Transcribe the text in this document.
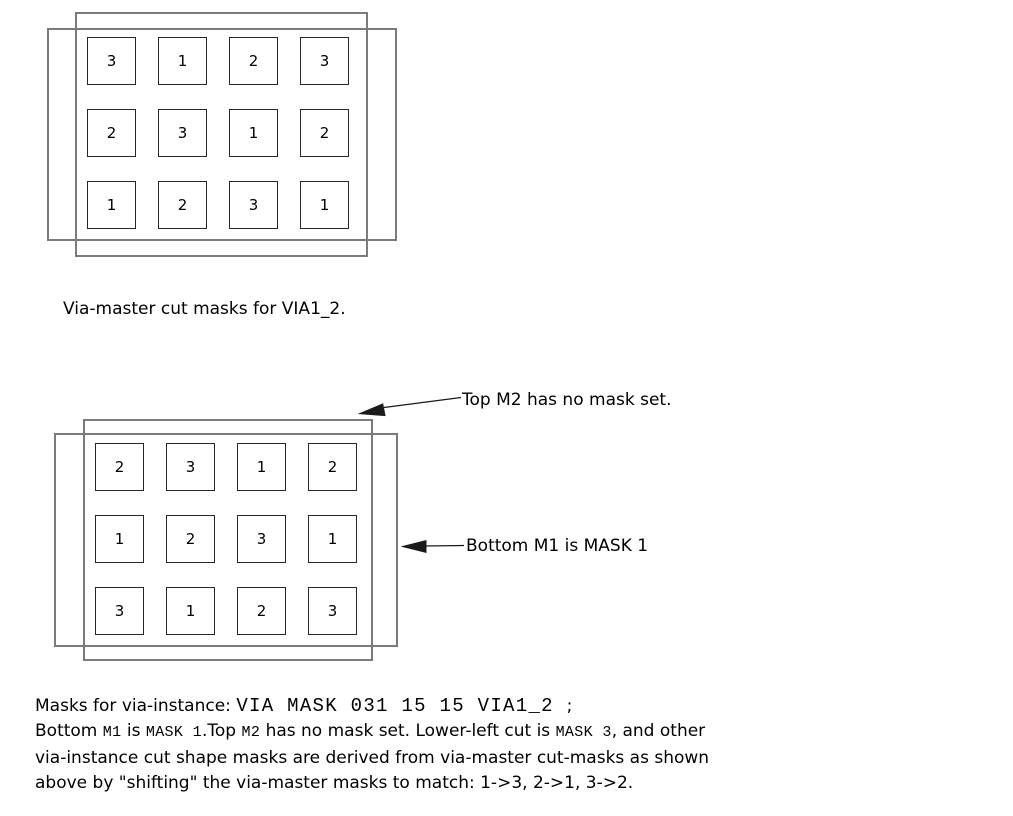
3	1	2	3
2	3	1	2
1	2	3	1
Via-master cut masks for VIA1_2.
2	3	1	2
1	2	3	1
3	1	2	3
Top M2 has no mask set.
Bottom M1 is MASK 1
Masks for via-instance: VIA MASK 031 15 15 VIA1_2 ;
Bottom M1 is MASK 1.Top M2 has no mask set. Lower-left cut is MASK 3, and other
via-instance cut shape masks are derived from via-master cut-masks as shown
above by "shifting" the via-master masks to match: 1->3, 2->1, 3->2.
